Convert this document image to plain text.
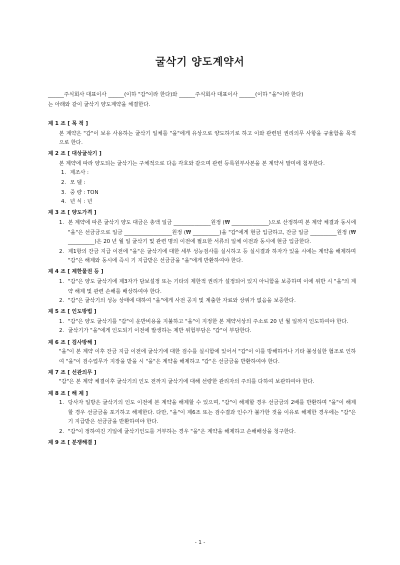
굴삭기 양도계약서
______주식회사 대표이사 ______(이하 "갑"이라 한다)와 ______주식회사 대표이사 ______(이하 "을"이라 한다)
는 아래와 같이 굴삭기 양도계약을 체결한다.
제 1 조 [ 목 적 ]
본 계약은 "갑"이 보유 사용하는 굴삭기 일체를 "을"에게 유상으로 양도하기로 하고 이와 관련된 권리의무 사항을 규율함을 목적으로 한다.
제 2 조 [ 대상굴삭기 ]
본 계약에 따라 양도되는 굴삭기는 구체적으로 다음 각호와 같으며 관련 등록원부사본을 본 계약서 말미에 첨부한다.
1. 제조사 :
2. 모 델 :
3. 중 량 : TON
4. 년 식 : 년
제 3 조 [ 양도가격 ]
1. 본 계약에 따른 굴삭기 양도 대금은 총액 일금 ______________원정 (₩ ______________)으로 산정하며 본 계약 체결과 동시에 "을"은 선금금으로 일금 __________________원정 (₩ __________)을 "갑"에게 현금 입금하고, 잔금 일금 __________원정 (₩ __________)은 20 년 월 일 굴삭기 및 관련 명의 이전에 필요한 서류의 일체 이전과 동시에 현금 입금한다.
2. 제1항의 잔금 지급 이전에 "을"은 굴삭기에 대한 세부 성능검사를 실시하고 등 실시결과 하자가 있을 시에는 계약을 해제하며 "갑"은 해제와 동시에 즉시 기 지급받은 선금금을 "을"에게 반환하여야 한다.
제 4 조 [ 제한물권 등 ]
1. "갑"은 양도 굴삭기에 제3자가 담보설정 또는 기타의 제한적 권리가 설정되어 있지 아니함을 보증하며 이에 위반 시 "을"의 계약 해제 및 관련 손해를 배상하여야 한다.
2. "갑"은 굴삭기의 성능 상태에 대하여 "을"에게 사전 공지 및 계출한 자료와 상위가 없음을 보증한다.
제 5 조 [ 인도방법 ]
1. "갑"은 양도 굴삭기를 "갑"이 운반비용을 지불하고 "을"이 지정한 본 계약서상의 주소로 20 년 월 일까지 인도하여야 한다.
2. 굴삭기가 "을"에게 인도되기 이전에 발생하는 제반 위험부담은 "갑"이 부담한다.
제 6 조 [ 검사방해 ]
"을"이 본 계약 이후 잔금 지급 이전에 굴삭기에 대한 검수를 실시함에 있어서 "갑"이 이를 방해하거나 기타 불성실한 협조로 인하여 "을"이 검수업무가 지장을 받을 시 "을"은 계약을 해제하고 "갑"은 선금금을 반환하여야 한다.
제 7 조 [ 선관의무 ]
"갑"은 본 계약 체결이후 굴삭기의 인도 전까지 굴삭기에 대해 선량한 관리자의 주의를 다하여 보관하여야 한다.
제 8 조 [ 해 제 ]
1. 당사자 일방은 굴삭기의 인도 이전에 본 계약을 해제할 수 있으며, "갑"이 해제할 경우 선금금의 2배를 반환하며 "을"이 해제할 경우 선금금을 포기하고 해제한다. 다만, "을"이 제6조 또는 검수결과 인수가 불가한 것을 이유로 해제한 경우에는 "갑"은 기 지급받은 선금금을 반환하여야 한다.
2. "갑"이 정하여진 기일에 굴삭기인도를 거부하는 경우 "을"은 계약을 해제하고 손해배상을 청구한다.
제 9 조 [ 분쟁해결 ]
- 1 -
